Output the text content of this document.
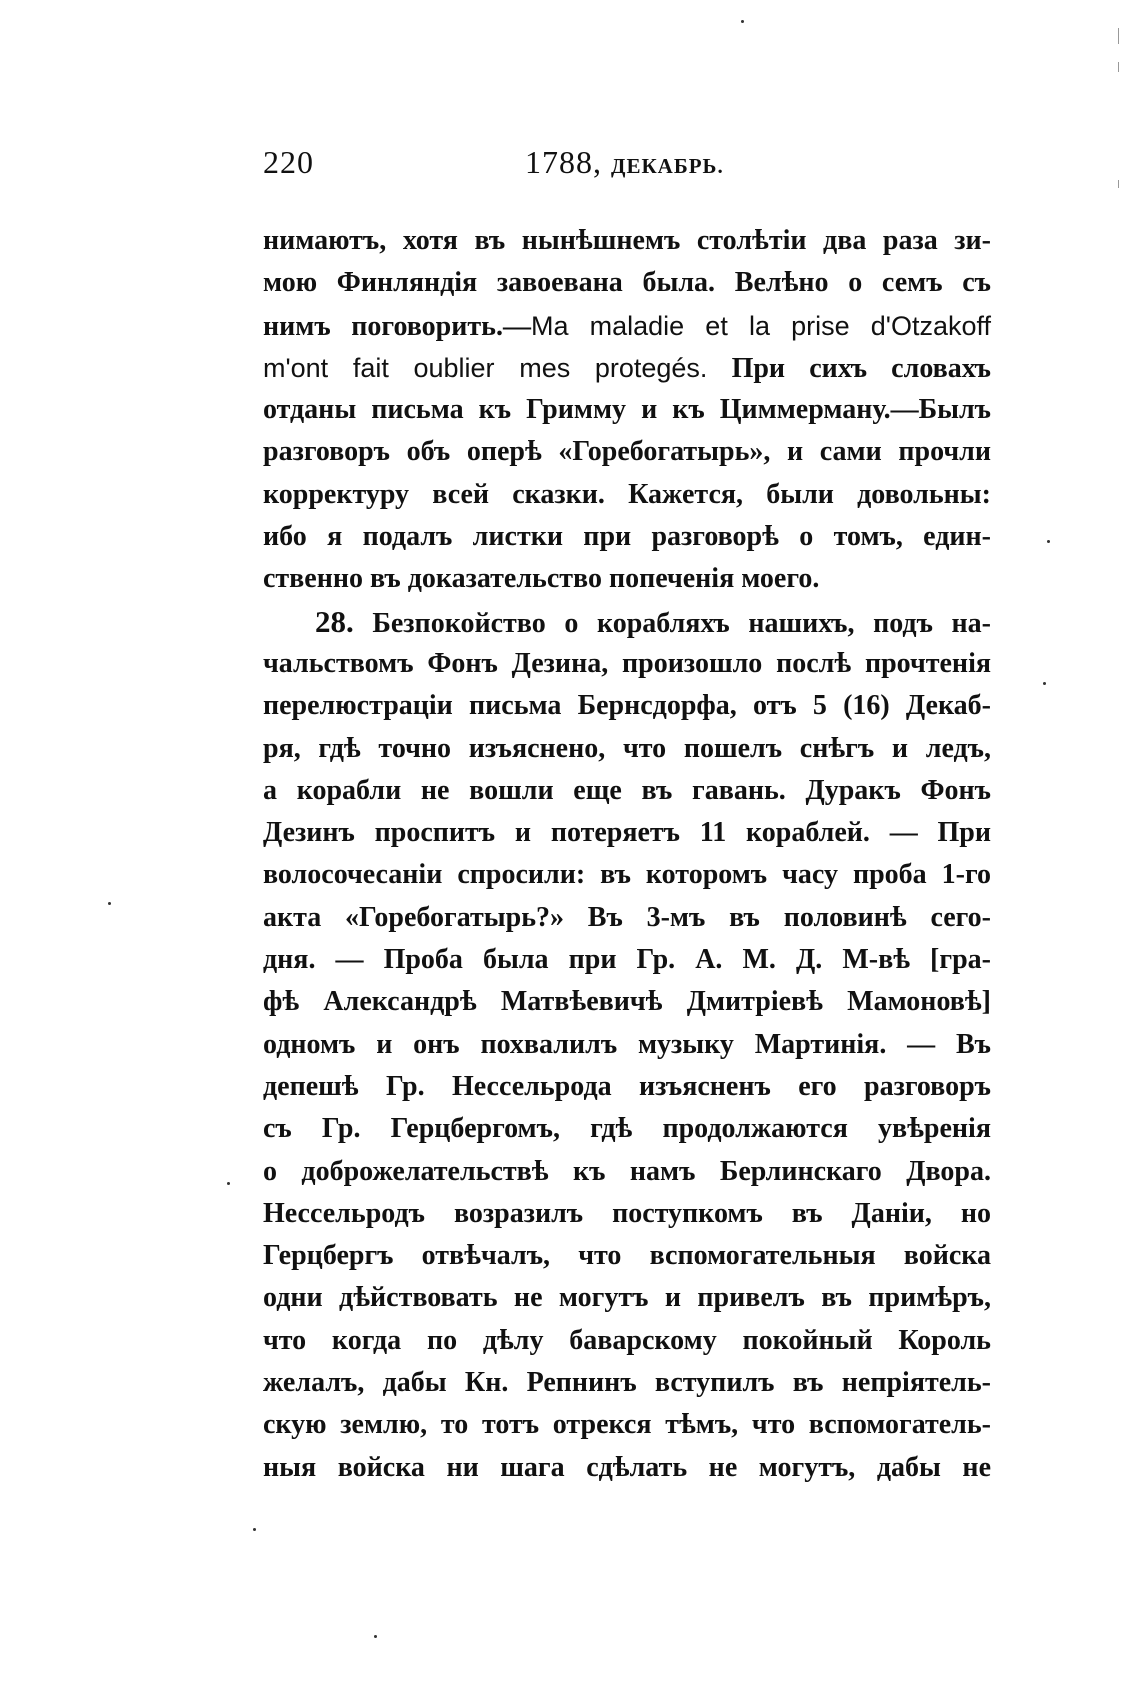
220	1788, ДЕКАБРЬ.
нимаютъ, хотя въ нынѣшнемъ столѣтіи два раза зи-
мою Финляндія завоевана была. Велѣно о семъ съ
нимъ поговорить.—Ma maladie et la prise d'Otzakoff
m'ont fait oublier mes protegés. При сихъ словахъ
отданы письма къ Гримму и къ Циммерману.—Былъ
разговоръ объ оперѣ «Горебогатырь», и сами прочли
корректуру всей сказки. Кажется, были довольны:
ибо я подалъ листки при разговорѣ о томъ, един-
ственно въ доказательство попеченія моего.
28. Безпокойство о корабляхъ нашихъ, подъ на-
чальствомъ Фонъ Дезина, произошло послѣ прочтенія
перелюстраціи письма Бернсдорфа, отъ 5 (16) Декаб-
ря, гдѣ точно изъяснено, что пошелъ снѣгъ и ледъ,
а корабли не вошли еще въ гавань. Дуракъ Фонъ
Дезинъ проспитъ и потеряетъ 11 кораблей. — При
волосочесаніи спросили: въ которомъ часу проба 1-го
акта «Горебогатырь?» Въ 3-мъ въ половинѣ сего-
дня. — Проба была при Гр. А. М. Д. М-вѣ [гра-
фѣ Александрѣ Матвѣевичѣ Дмитріевѣ Мамоновѣ]
одномъ и онъ похвалилъ музыку Мартинія. — Въ
депешѣ Гр. Нессельрода изъясненъ его разговоръ
съ Гр. Герцбергомъ, гдѣ продолжаются увѣренія
о доброжелательствѣ къ намъ Берлинскаго Двора.
Нессельродъ возразилъ поступкомъ въ Даніи, но
Герцбергъ отвѣчалъ, что вспомогательныя войска
одни дѣйствовать не могутъ и привелъ въ примѣръ,
что когда по дѣлу баварскому покойный Король
желалъ, дабы Кн. Репнинъ вступилъ въ непріятель-
скую землю, то тотъ отрекся тѣмъ, что вспомогатель-
ныя войска ни шага сдѣлать не могутъ, дабы не
